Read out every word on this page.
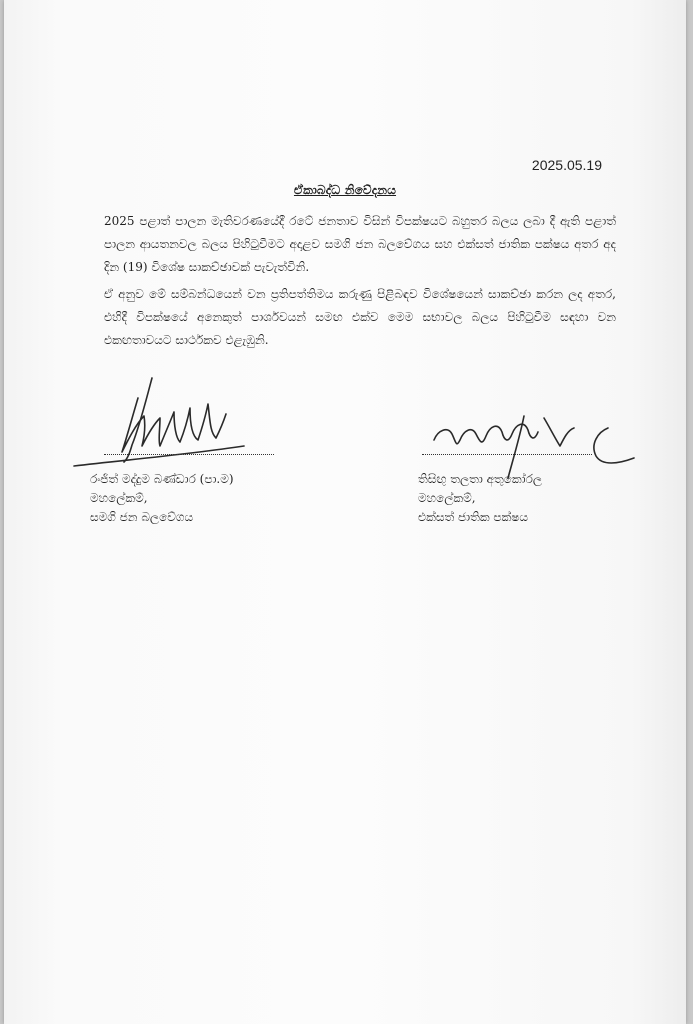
2025.05.19
ඒකාබද්ධ නිවේදනය

2025 පළාත් පාලන මැතිවරණයේදී රටේ ජනතාව විසින් විපක්ෂයට බහුතර බලය ලබා දී ඇති පළාත් පාලන ආයතනවල බලය පිහිටුවීමට අදාළව සමගි ජන බලවේගය සහ එක්සත් ජාතික පක්ෂය අතර අද දින (19) විශේෂ සාකච්ඡාවක් පැවැත්විනි.

ඒ අනුව මේ සම්බන්ධයෙන් වන ප්‍රතිපත්තිමය කරුණු පිළිබඳව විශේෂයෙන් සාකච්ඡා කරන ලද අතර, එහිදී විපක්ෂයේ අනෙකුත් පාර්ශවයන් සමඟ එක්ව මෙම සභාවල බලය පිහිටුවීම සඳහා වන එකඟතාවයට සාර්ථකව එළැඹුනි.

රංජිත් මද්දුම බණ්ඩාර (පා.ම)
මහලේකම්,
සමගි ජන බලවේගය
තිසිඟු තලතා අතුකෝරල
මහලේකම්,
එක්සත් ජාතික පක්ෂය
